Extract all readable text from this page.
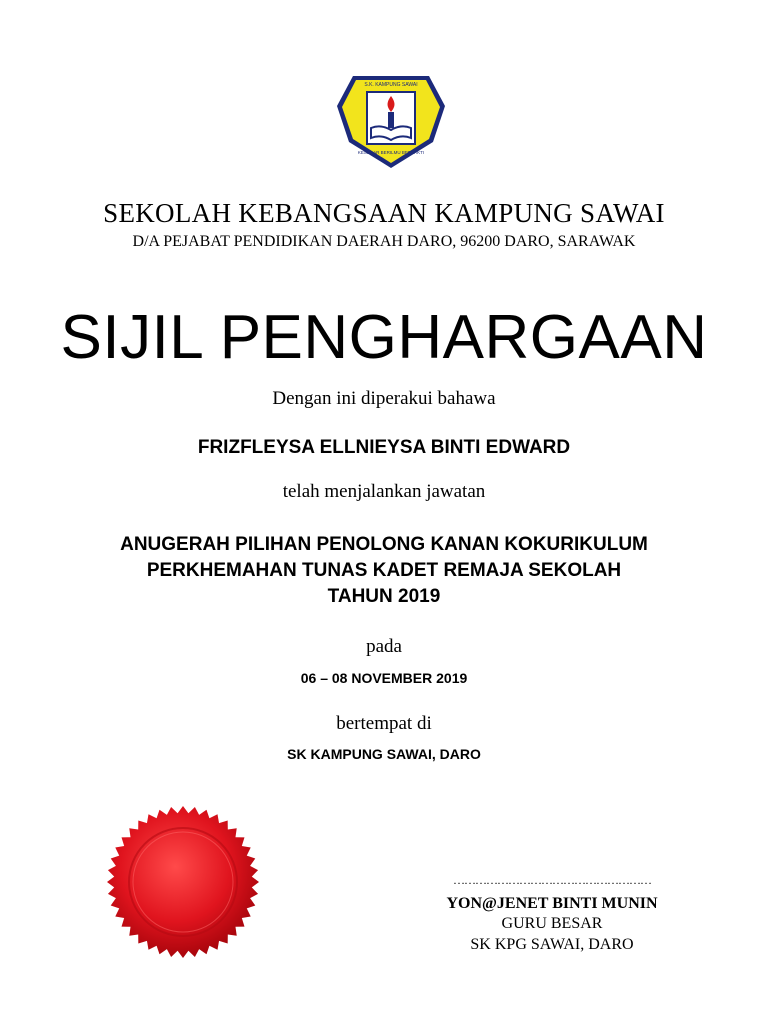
S.K. KAMPUNG SAWAI
KESEDAR BERILMU BERBAKTI
SEKOLAH KEBANGSAAN KAMPUNG SAWAI
D/A PEJABAT PENDIDIKAN DAERAH DARO, 96200 DARO, SARAWAK
SIJIL PENGHARGAAN
Dengan ini diperakui bahawa
FRIZFLEYSA ELLNIEYSA BINTI EDWARD
telah menjalankan jawatan
ANUGERAH PILIHAN PENOLONG KANAN KOKURIKULUM
PERKHEMAHAN TUNAS KADET REMAJA SEKOLAH
TAHUN 2019
pada
06 – 08 NOVEMBER 2019
bertempat di
SK KAMPUNG SAWAI, DARO
………………………………………………
YON@JENET BINTI MUNIN
GURU BESAR
SK KPG SAWAI, DARO
